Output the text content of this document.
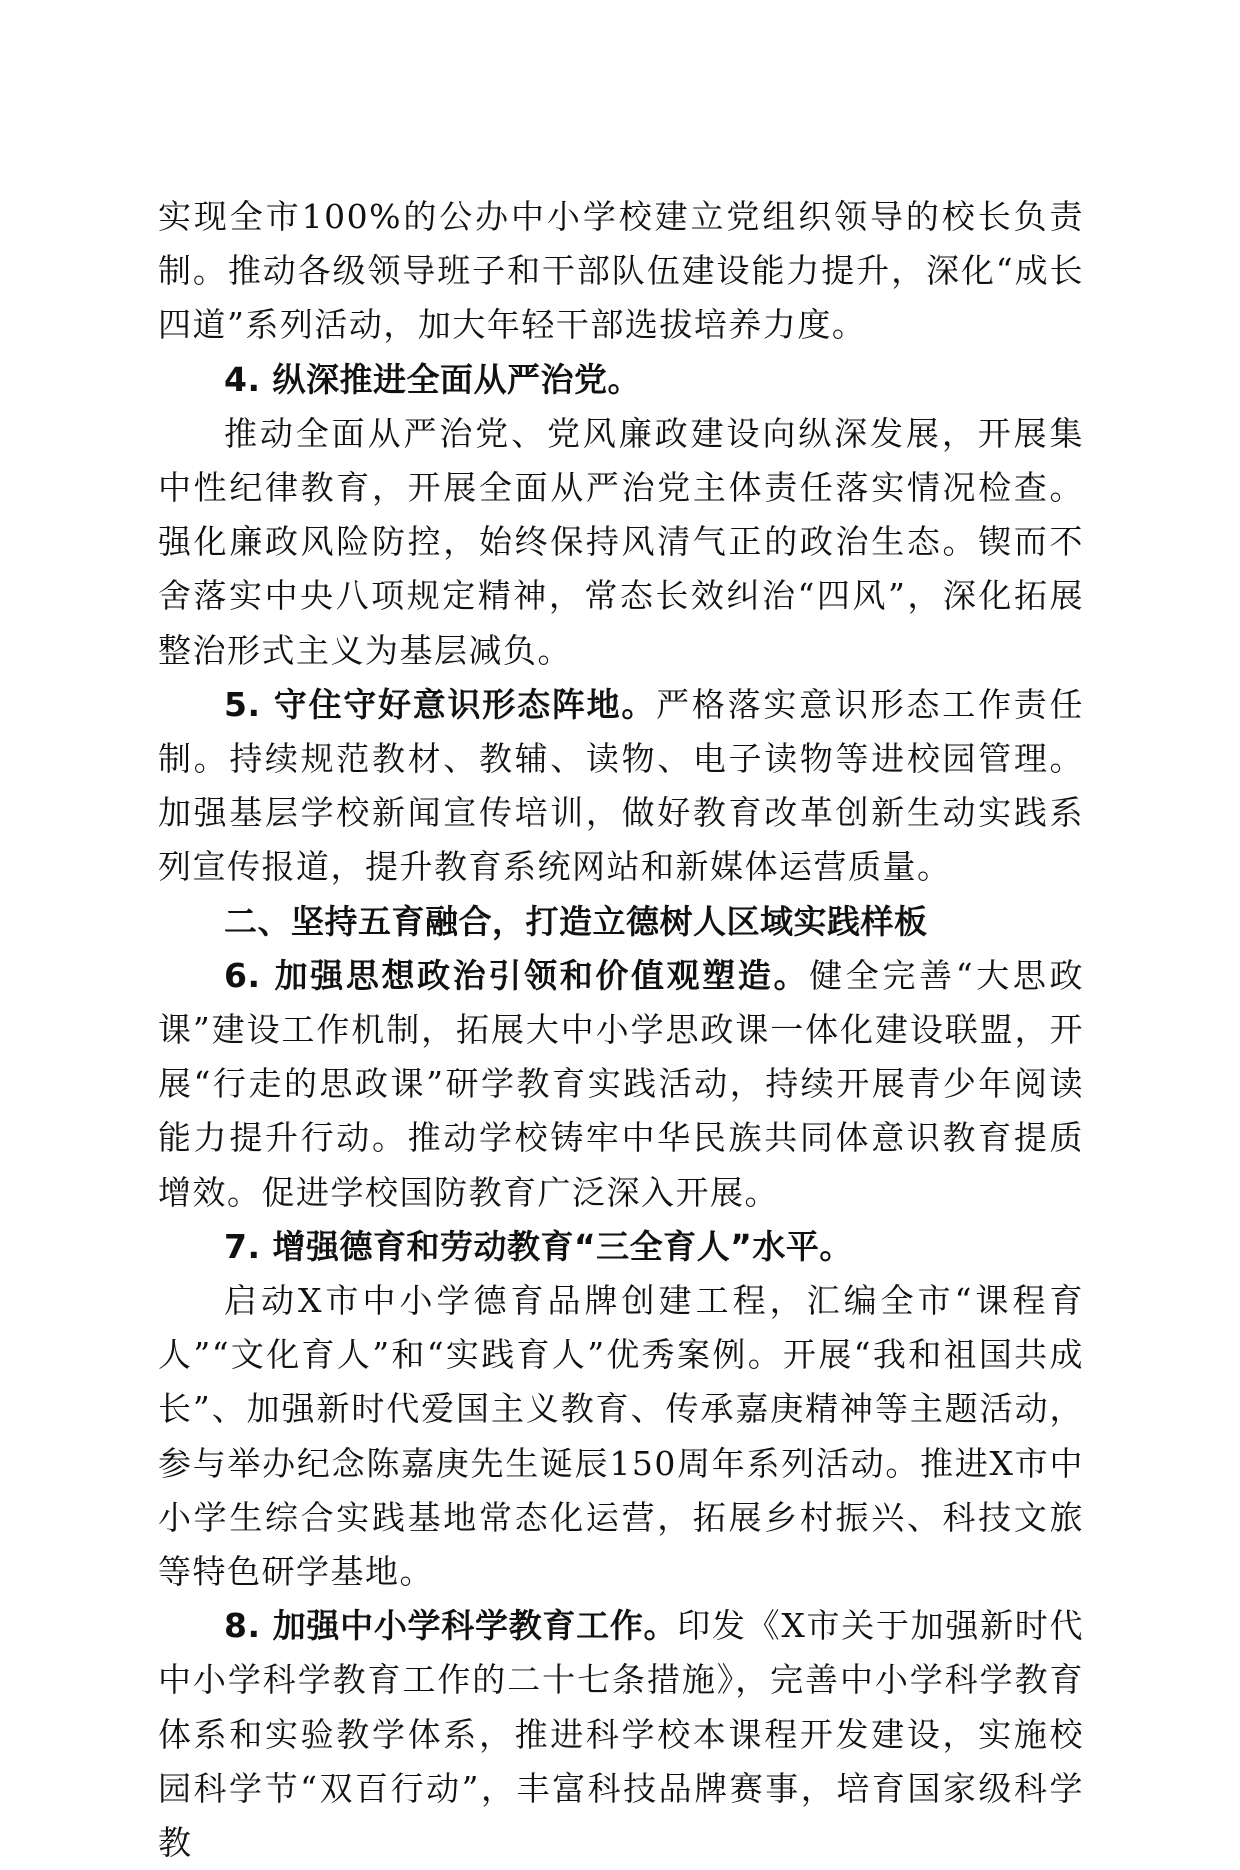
实现全市100%的公办中小学校建立党组织领导的校长负责制。推动各级领导班子和干部队伍建设能力提升，深化“成长四道”系列活动，加大年轻干部选拔培养力度。

4. 纵深推进全面从严治党。

推动全面从严治党、党风廉政建设向纵深发展，开展集中性纪律教育，开展全面从严治党主体责任落实情况检查。强化廉政风险防控，始终保持风清气正的政治生态。锲而不舍落实中央八项规定精神，常态长效纠治“四风”，深化拓展整治形式主义为基层减负。

5. 守住守好意识形态阵地。严格落实意识形态工作责任制。持续规范教材、教辅、读物、电子读物等进校园管理。加强基层学校新闻宣传培训，做好教育改革创新生动实践系列宣传报道，提升教育系统网站和新媒体运营质量。

二、坚持五育融合，打造立德树人区域实践样板

6. 加强思想政治引领和价值观塑造。健全完善“大思政课”建设工作机制，拓展大中小学思政课一体化建设联盟，开展“行走的思政课”研学教育实践活动，持续开展青少年阅读能力提升行动。推动学校铸牢中华民族共同体意识教育提质增效。促进学校国防教育广泛深入开展。

7. 增强德育和劳动教育“三全育人”水平。

启动X市中小学德育品牌创建工程，汇编全市“课程育人”“文化育人”和“实践育人”优秀案例。开展“我和祖国共成长”、加强新时代爱国主义教育、传承嘉庚精神等主题活动，参与举办纪念陈嘉庚先生诞辰150周年系列活动。推进X市中小学生综合实践基地常态化运营，拓展乡村振兴、科技文旅等特色研学基地。

8. 加强中小学科学教育工作。印发《X市关于加强新时代中小学科学教育工作的二十七条措施》，完善中小学科学教育体系和实验教学体系，推进科学校本课程开发建设，实施校园科学节“双百行动”，丰富科技品牌赛事，培育国家级科学教
